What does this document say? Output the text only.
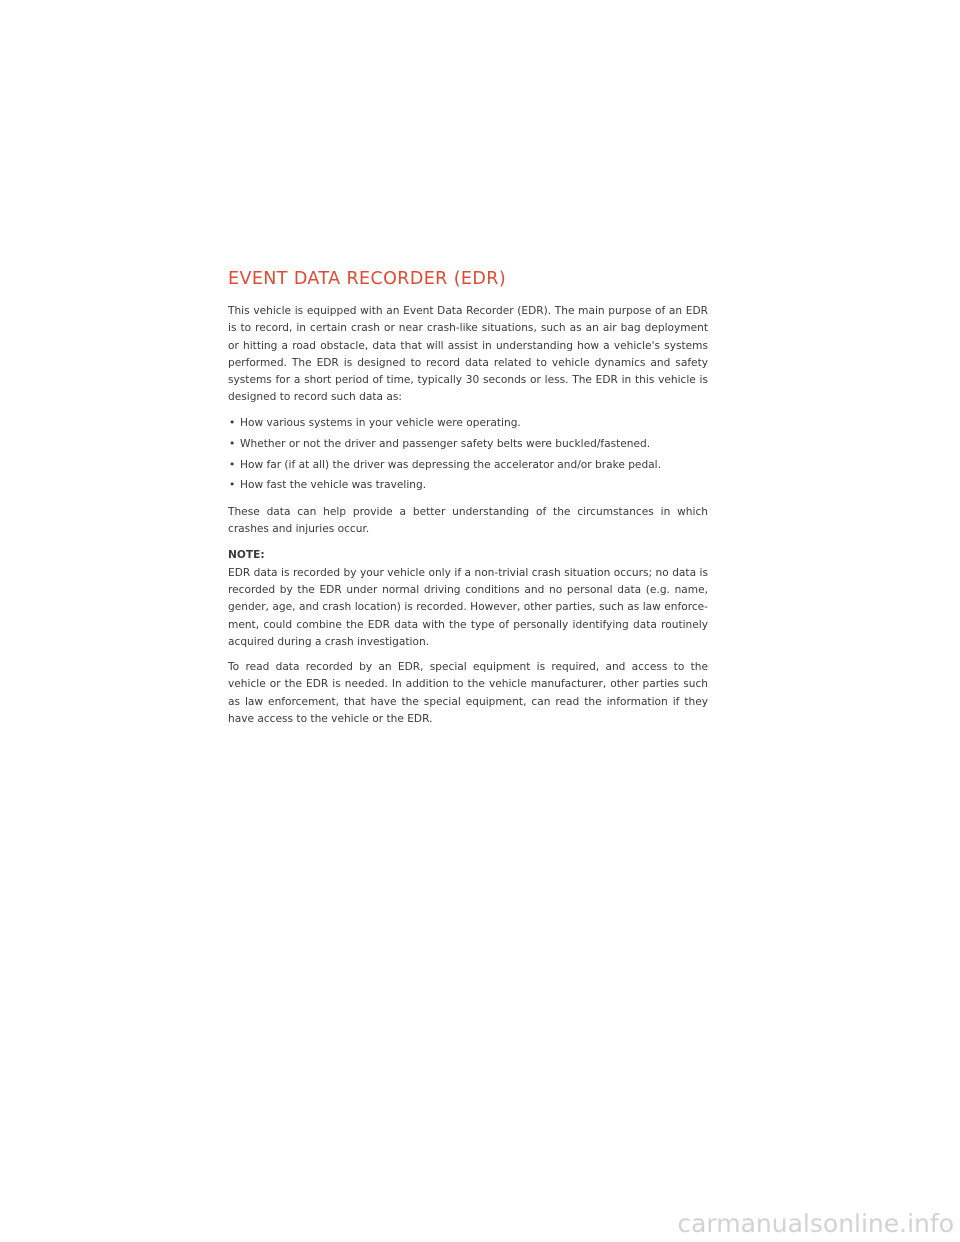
EVENT DATA RECORDER (EDR)

This vehicle is equipped with an Event Data Recorder (EDR). The main purpose of an EDR is to record, in certain crash or near crash-like situations, such as an air bag deployment or hitting a road obstacle, data that will assist in understanding how a vehicle's systems performed. The EDR is designed to record data related to vehicle dynamics and safety systems for a short period of time, typically 30 seconds or less. The EDR in this vehicle is designed to record such data as:

• How various systems in your vehicle were operating.
• Whether or not the driver and passenger safety belts were buckled/fastened.
• How far (if at all) the driver was depressing the accelerator and/or brake pedal.
• How fast the vehicle was traveling.

These data can help provide a better understanding of the circumstances in which crashes and injuries occur.

NOTE:

EDR data is recorded by your vehicle only if a non-trivial crash situation occurs; no data is recorded by the EDR under normal driving conditions and no personal data (e.g. name, gender, age, and crash location) is recorded. However, other parties, such as law enforce-ment, could combine the EDR data with the type of personally identifying data routinely acquired during a crash investigation.

To read data recorded by an EDR, special equipment is required, and access to the vehicle or the EDR is needed. In addition to the vehicle manufacturer, other parties such as law enforcement, that have the special equipment, can read the information if they have access to the vehicle or the EDR.

carmanualsonline.info
